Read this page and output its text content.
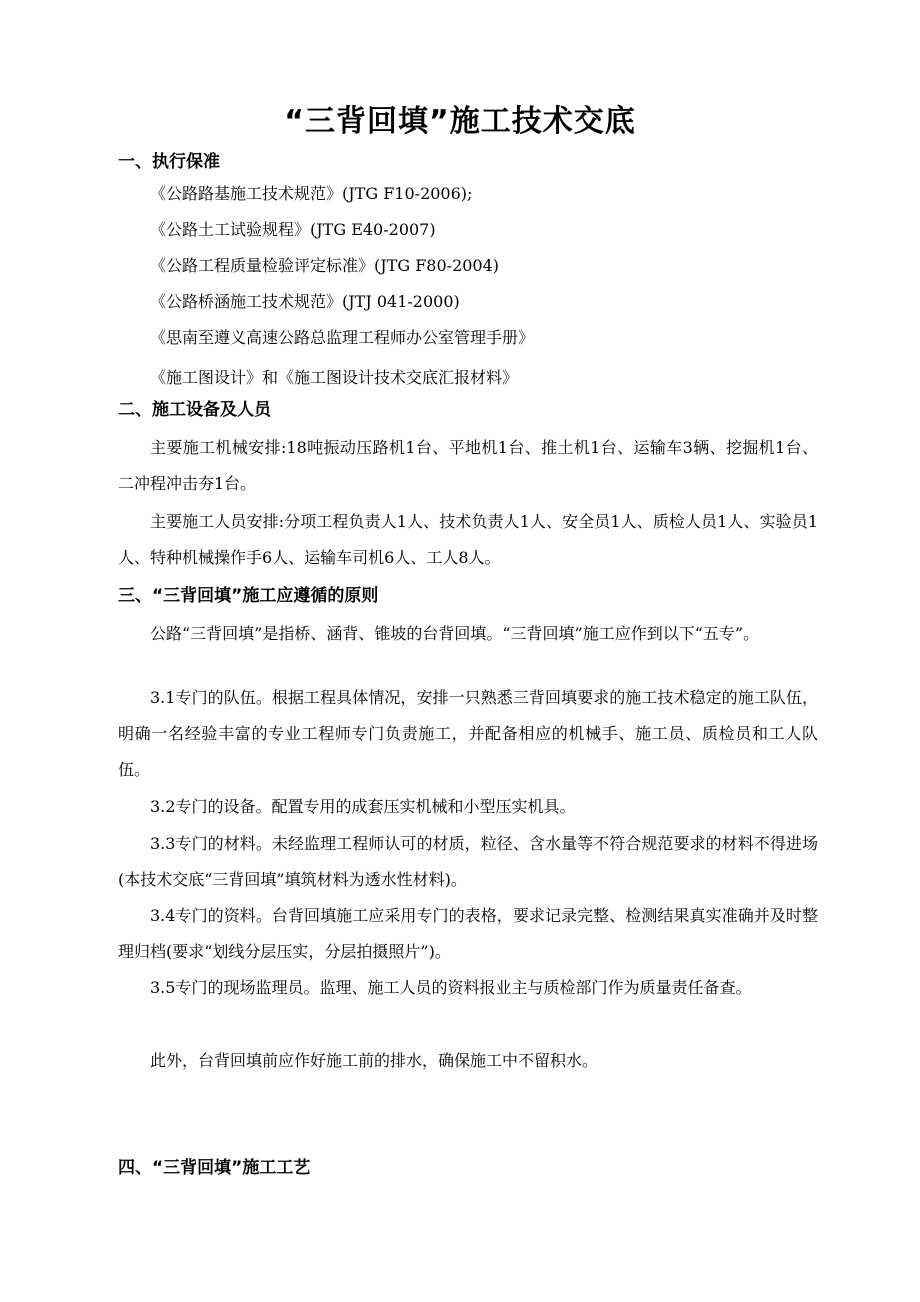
“三背回填”施工技术交底
一、执行保准
《公路路基施工技术规范》(JTG F10-2006);
《公路土工试验规程》(JTG E40-2007)
《公路工程质量检验评定标准》(JTG F80-2004)
《公路桥涵施工技术规范》(JTJ 041-2000)
《思南至遵义高速公路总监理工程师办公室管理手册》
《施工图设计》和《施工图设计技术交底汇报材料》
二、施工设备及人员
主要施工机械安排:18吨振动压路机1台、平地机1台、推土机1台、运输车3辆、挖掘机1台、二冲程冲击夯1台。
主要施工人员安排:分项工程负责人1人、技术负责人1人、安全员1人、质检人员1人、实验员1人、特种机械操作手6人、运输车司机6人、工人8人。
三、“三背回填”施工应遵循的原则
公路“三背回填”是指桥、涵背、锥坡的台背回填。“三背回填”施工应作到以下“五专”。
3.1专门的队伍。根据工程具体情况，安排一只熟悉三背回填要求的施工技术稳定的施工队伍，明确一名经验丰富的专业工程师专门负责施工，并配备相应的机械手、施工员、质检员和工人队伍。
3.2专门的设备。配置专用的成套压实机械和小型压实机具。
3.3专门的材料。未经监理工程师认可的材质，粒径、含水量等不符合规范要求的材料不得进场(本技术交底“三背回填”填筑材料为透水性材料)。
3.4专门的资料。台背回填施工应采用专门的表格，要求记录完整、检测结果真实准确并及时整理归档(要求“划线分层压实，分层拍摄照片”)。
3.5专门的现场监理员。监理、施工人员的资料报业主与质检部门作为质量责任备查。
此外，台背回填前应作好施工前的排水，确保施工中不留积水。
四、“三背回填”施工工艺
